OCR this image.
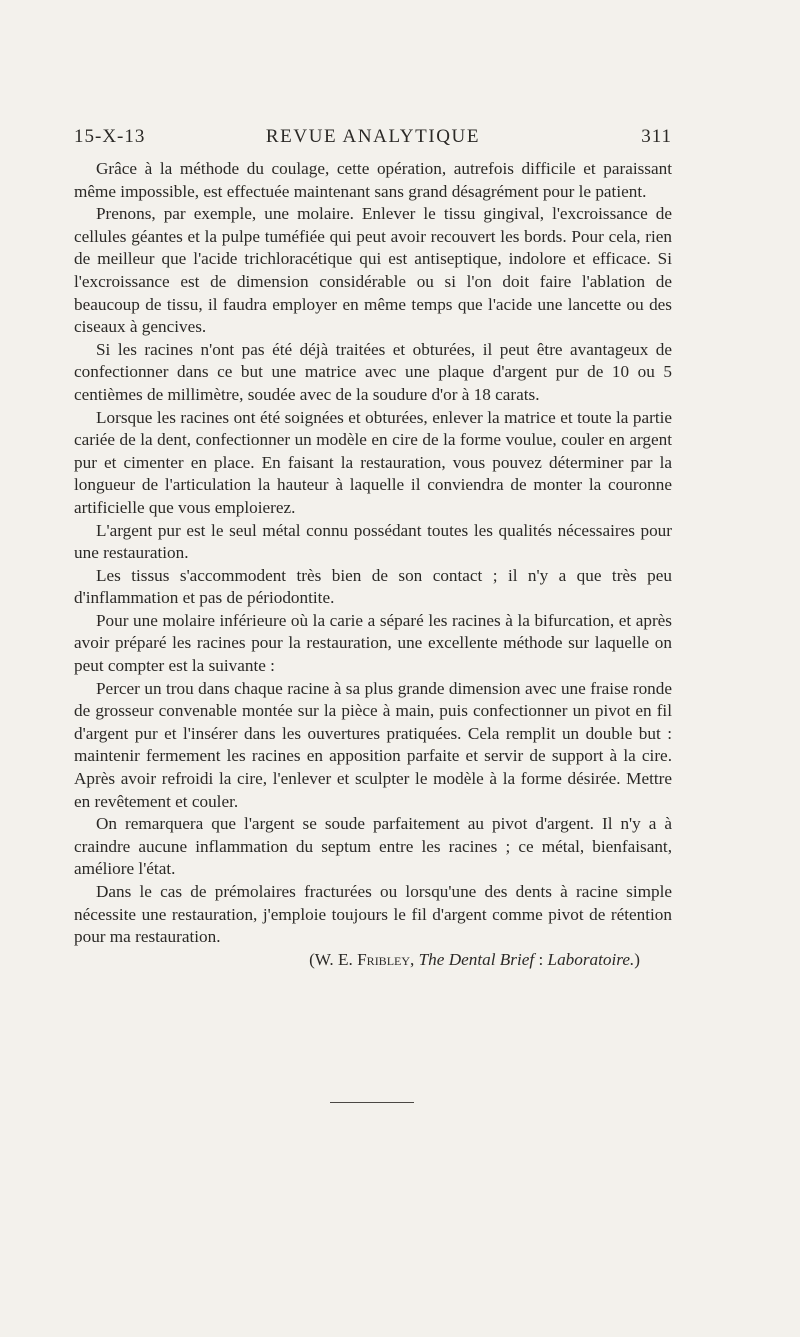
15-X-13	REVUE ANALYTIQUE	311

Grâce à la méthode du coulage, cette opération, autrefois difficile et paraissant même impossible, est effectuée maintenant sans grand désagrément pour le patient.

Prenons, par exemple, une molaire. Enlever le tissu gingival, l'excroissance de cellules géantes et la pulpe tuméfiée qui peut avoir recouvert les bords. Pour cela, rien de meilleur que l'acide trichloracétique qui est antiseptique, indolore et efficace. Si l'excroissance est de dimension considérable ou si l'on doit faire l'ablation de beaucoup de tissu, il faudra employer en même temps que l'acide une lancette ou des ciseaux à gencives.

Si les racines n'ont pas été déjà traitées et obturées, il peut être avantageux de confectionner dans ce but une matrice avec une plaque d'argent pur de 10 ou 5 centièmes de millimètre, soudée avec de la soudure d'or à 18 carats.

Lorsque les racines ont été soignées et obturées, enlever la matrice et toute la partie cariée de la dent, confectionner un modèle en cire de la forme voulue, couler en argent pur et cimenter en place. En faisant la restauration, vous pouvez déterminer par la longueur de l'articulation la hauteur à laquelle il conviendra de monter la couronne artificielle que vous emploierez.

L'argent pur est le seul métal connu possédant toutes les qualités nécessaires pour une restauration.

Les tissus s'accommodent très bien de son contact ; il n'y a que très peu d'inflammation et pas de périodontite.

Pour une molaire inférieure où la carie a séparé les racines à la bifurcation, et après avoir préparé les racines pour la restauration, une excellente méthode sur laquelle on peut compter est la suivante :

Percer un trou dans chaque racine à sa plus grande dimension avec une fraise ronde de grosseur convenable montée sur la pièce à main, puis confectionner un pivot en fil d'argent pur et l'insérer dans les ouvertures pratiquées. Cela remplit un double but : maintenir fermement les racines en apposition parfaite et servir de support à la cire. Après avoir refroidi la cire, l'enlever et sculpter le modèle à la forme désirée. Mettre en revêtement et couler.

On remarquera que l'argent se soude parfaitement au pivot d'argent. Il n'y a à craindre aucune inflammation du septum entre les racines ; ce métal, bienfaisant, améliore l'état.

Dans le cas de prémolaires fracturées ou lorsqu'une des dents à racine simple nécessite une restauration, j'emploie toujours le fil d'argent comme pivot de rétention pour ma restauration.

(W. E. Fribley, The Dental Brief : Laboratoire.)
